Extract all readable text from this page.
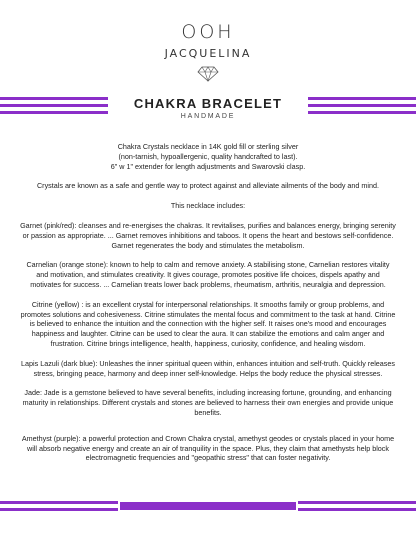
OOH
JACQUELINA
CHAKRA BRACELET
HANDMADE

Chakra Crystals necklace in 14K gold fill or sterling silver
(non-tarnish, hypoallergenic, quality handcrafted to last).
6" w 1" extender for length adjustments and Swarovski clasp.

Crystals are known as a safe and gentle way to protect against and alleviate ailments of the body and mind.

This necklace includes:

Garnet (pink/red): cleanses and re-energises the chakras. It revitalises, purifies and balances energy, bringing serenity or passion as appropriate. ... Garnet removes inhibitions and taboos. It opens the heart and bestows self-confidence. Garnet regenerates the body and stimulates the metabolism.

Carnelian (orange stone): known to help to calm and remove anxiety. A stabilising stone, Carnelian restores vitality and motivation, and stimulates creativity. It gives courage, promotes positive life choices, dispels apathy and motivates for success. ... Carnelian treats lower back problems, rheumatism, arthritis, neuralgia and depression.

Citrine (yellow) : is an excellent crystal for interpersonal relationships. It smooths family or group problems, and promotes solutions and cohesiveness. Citrine stimulates the mental focus and commitment to the task at hand. Citrine is believed to enhance the intuition and the connection with the higher self. It raises one's mood and encourages happiness and laughter. Citrine can be used to clear the aura. It can stabilize the emotions and calm anger and frustration. Citrine brings intelligence, health, happiness, curiosity, confidence, and healing wisdom.

Lapis Lazuli (dark blue): Unleashes the inner spiritual queen within, enhances intuition and self-truth. Quickly releases stress, bringing peace, harmony and deep inner self-knowledge. Helps the body reduce the physical stresses.

Jade: Jade is a gemstone believed to have several benefits, including increasing fortune, grounding, and enhancing maturity in relationships. Different crystals and stones are believed to harness their own energies and provide unique benefits.

Amethyst (purple): a powerful protection and Crown Chakra crystal, amethyst geodes or crystals placed in your home will absorb negative energy and create an air of tranquility in the space. Plus, they claim that amethysts help block electromagnetic frequencies and "geopathic stress" that can foster negativity.
